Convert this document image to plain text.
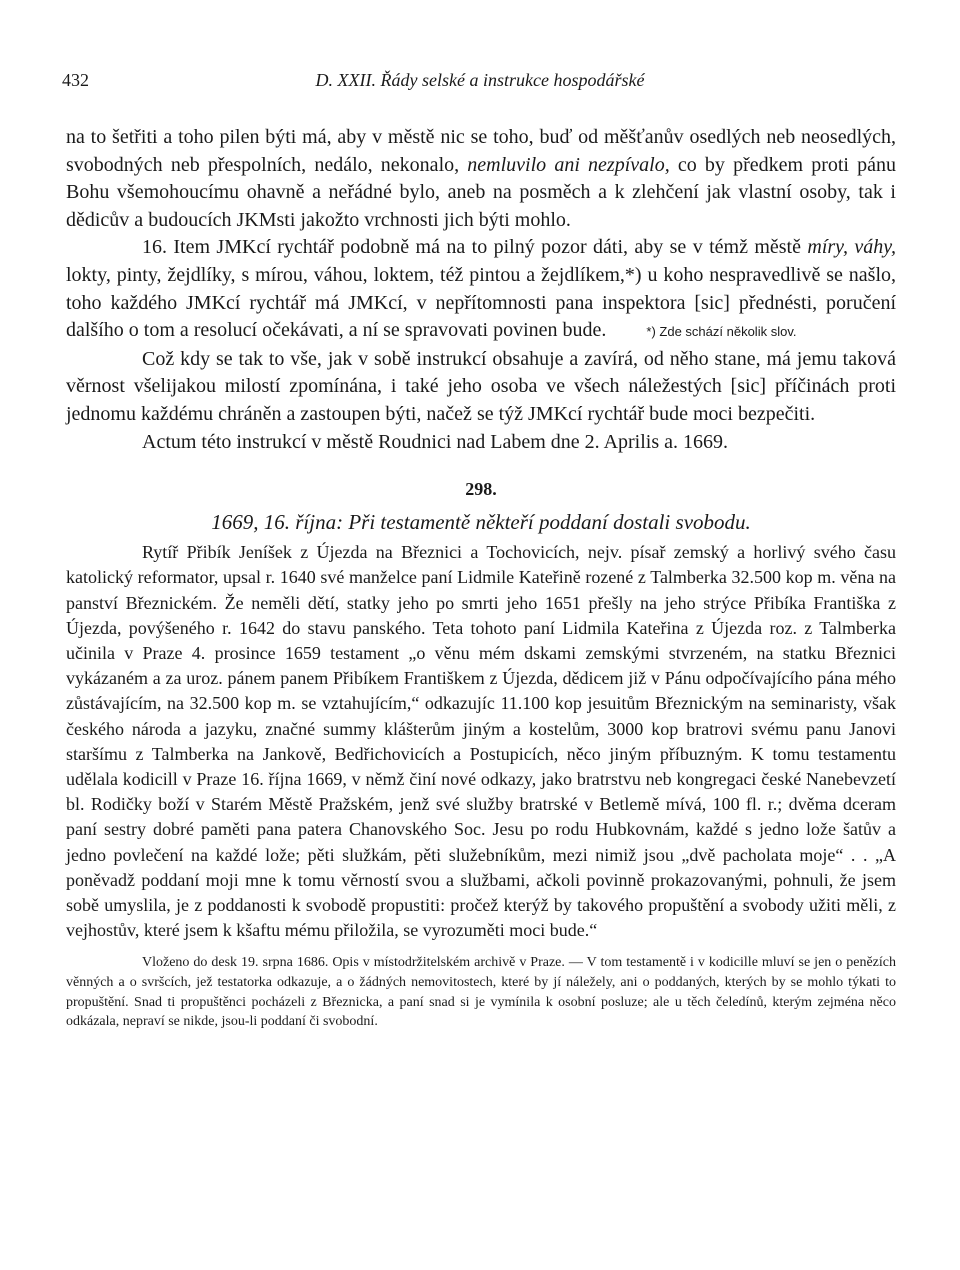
432	D. XXII. Řády selské a instrukce hospodářské

na to šetřiti a toho pilen býti má, aby v městě nic se toho, buď od měšťanův osedlých neb neosedlých, svobodných neb přespolních, nedálo, nekonalo, nemluvilo ani nezpívalo, co by předkem proti pánu Bohu všemohoucímu ohavně a neřádné bylo, aneb na posměch a k zlehčení jak vlastní osoby, tak i dědicův a budoucích JKMsti jakožto vrchnosti jich býti mohlo.

16. Item JMKcí rychtář podobně má na to pilný pozor dáti, aby se v témž městě míry, váhy, lokty, pinty, žejdlíky, s mírou, váhou, loktem, též pintou a žejdlíkem,*) u koho nespravedlivě se našlo, toho každého JMKcí rychtář má JMKcí, v nepřítomnosti pana inspektora [sic] přednésti, poručení dalšího o tom a resolucí očekávati, a ní se spravovati povinen bude.	*) Zde schází několik slov.

Což kdy se tak to vše, jak v sobě instrukcí obsahuje a zavírá, od něho stane, má jemu taková věrnost všelijakou milostí zpomínána, i také jeho osoba ve všech náležestých [sic] příčinách proti jednomu každému chráněn a zastoupen býti, načež se týž JMKcí rychtář bude moci bezpečiti.

Actum této instrukcí v městě Roudnici nad Labem dne 2. Aprilis a. 1669.

298.
1669, 16. října: Při testamentě někteří poddaní dostali svobodu.

Rytíř Přibík Jeníšek z Újezda na Březnici a Tochovicích, nejv. písař zemský a horlivý svého času katolický reformator, upsal r. 1640 své manželce paní Lidmile Kateřině rozené z Talmberka 32.500 kop m. věna na panství Březnickém. Že neměli dětí, statky jeho po smrti jeho 1651 přešly na jeho strýce Přibíka Františka z Újezda, povýšeného r. 1642 do stavu panského. Teta tohoto paní Lidmila Kateřina z Újezda roz. z Talmberka učinila v Praze 4. prosince 1659 testament „o věnu mém dskami zemskými stvrzeném, na statku Březnici vykázaném a za uroz. pánem panem Přibíkem Františkem z Újezda, dědicem již v Pánu odpočívajícího pána mého zůstávajícím, na 32.500 kop m. se vztahujícím,“ odkazujíc 11.100 kop jesuitům Březnickým na seminaristy, však českého národa a jazyku, značné summy klášterům jiným a kostelům, 3000 kop bratrovi svému panu Janovi staršímu z Talmberka na Jankově, Bedřichovicích a Postupicích, něco jiným příbuzným. K tomu testamentu udělala kodicill v Praze 16. října 1669, v němž činí nové odkazy, jako bratrstvu neb kongregaci české Nanebevzetí bl. Rodičky boží v Starém Městě Pražském, jenž své služby bratrské v Betlemě mívá, 100 fl. r.; dvěma dceram paní sestry dobré paměti pana patera Chanovského Soc. Jesu po rodu Hubkovnám, každé s jedno lože šatův a jedno povlečení na každé lože; pěti služkám, pěti služebníkům, mezi nimiž jsou „dvě pacholata moje“ . . „A poněvadž poddaní moji mne k tomu věrností svou a službami, ačkoli povinně prokazovanými, pohnuli, že jsem sobě umyslila, je z poddanosti k svobodě propustiti: pročež kterýž by takového propuštění a svobody užiti měli, z vejhostův, které jsem k kšaftu mému přiložila, se vyrozuměti moci bude.“

Vloženo do desk 19. srpna 1686. Opis v místodržitelském archivě v Praze. — V tom testamentě i v kodicille mluví se jen o penězích věnných a o svršcích, jež testatorka odkazuje, a o žádných nemovitostech, které by jí náležely, ani o poddaných, kterých by se mohlo týkati to propuštění. Snad ti propuštěnci pocházeli z Březnicka, a paní snad si je vymínila k osobní posluze; ale u těch čeledínů, kterým zejména něco odkázala, nepraví se nikde, jsou-li poddaní či svobodní.
